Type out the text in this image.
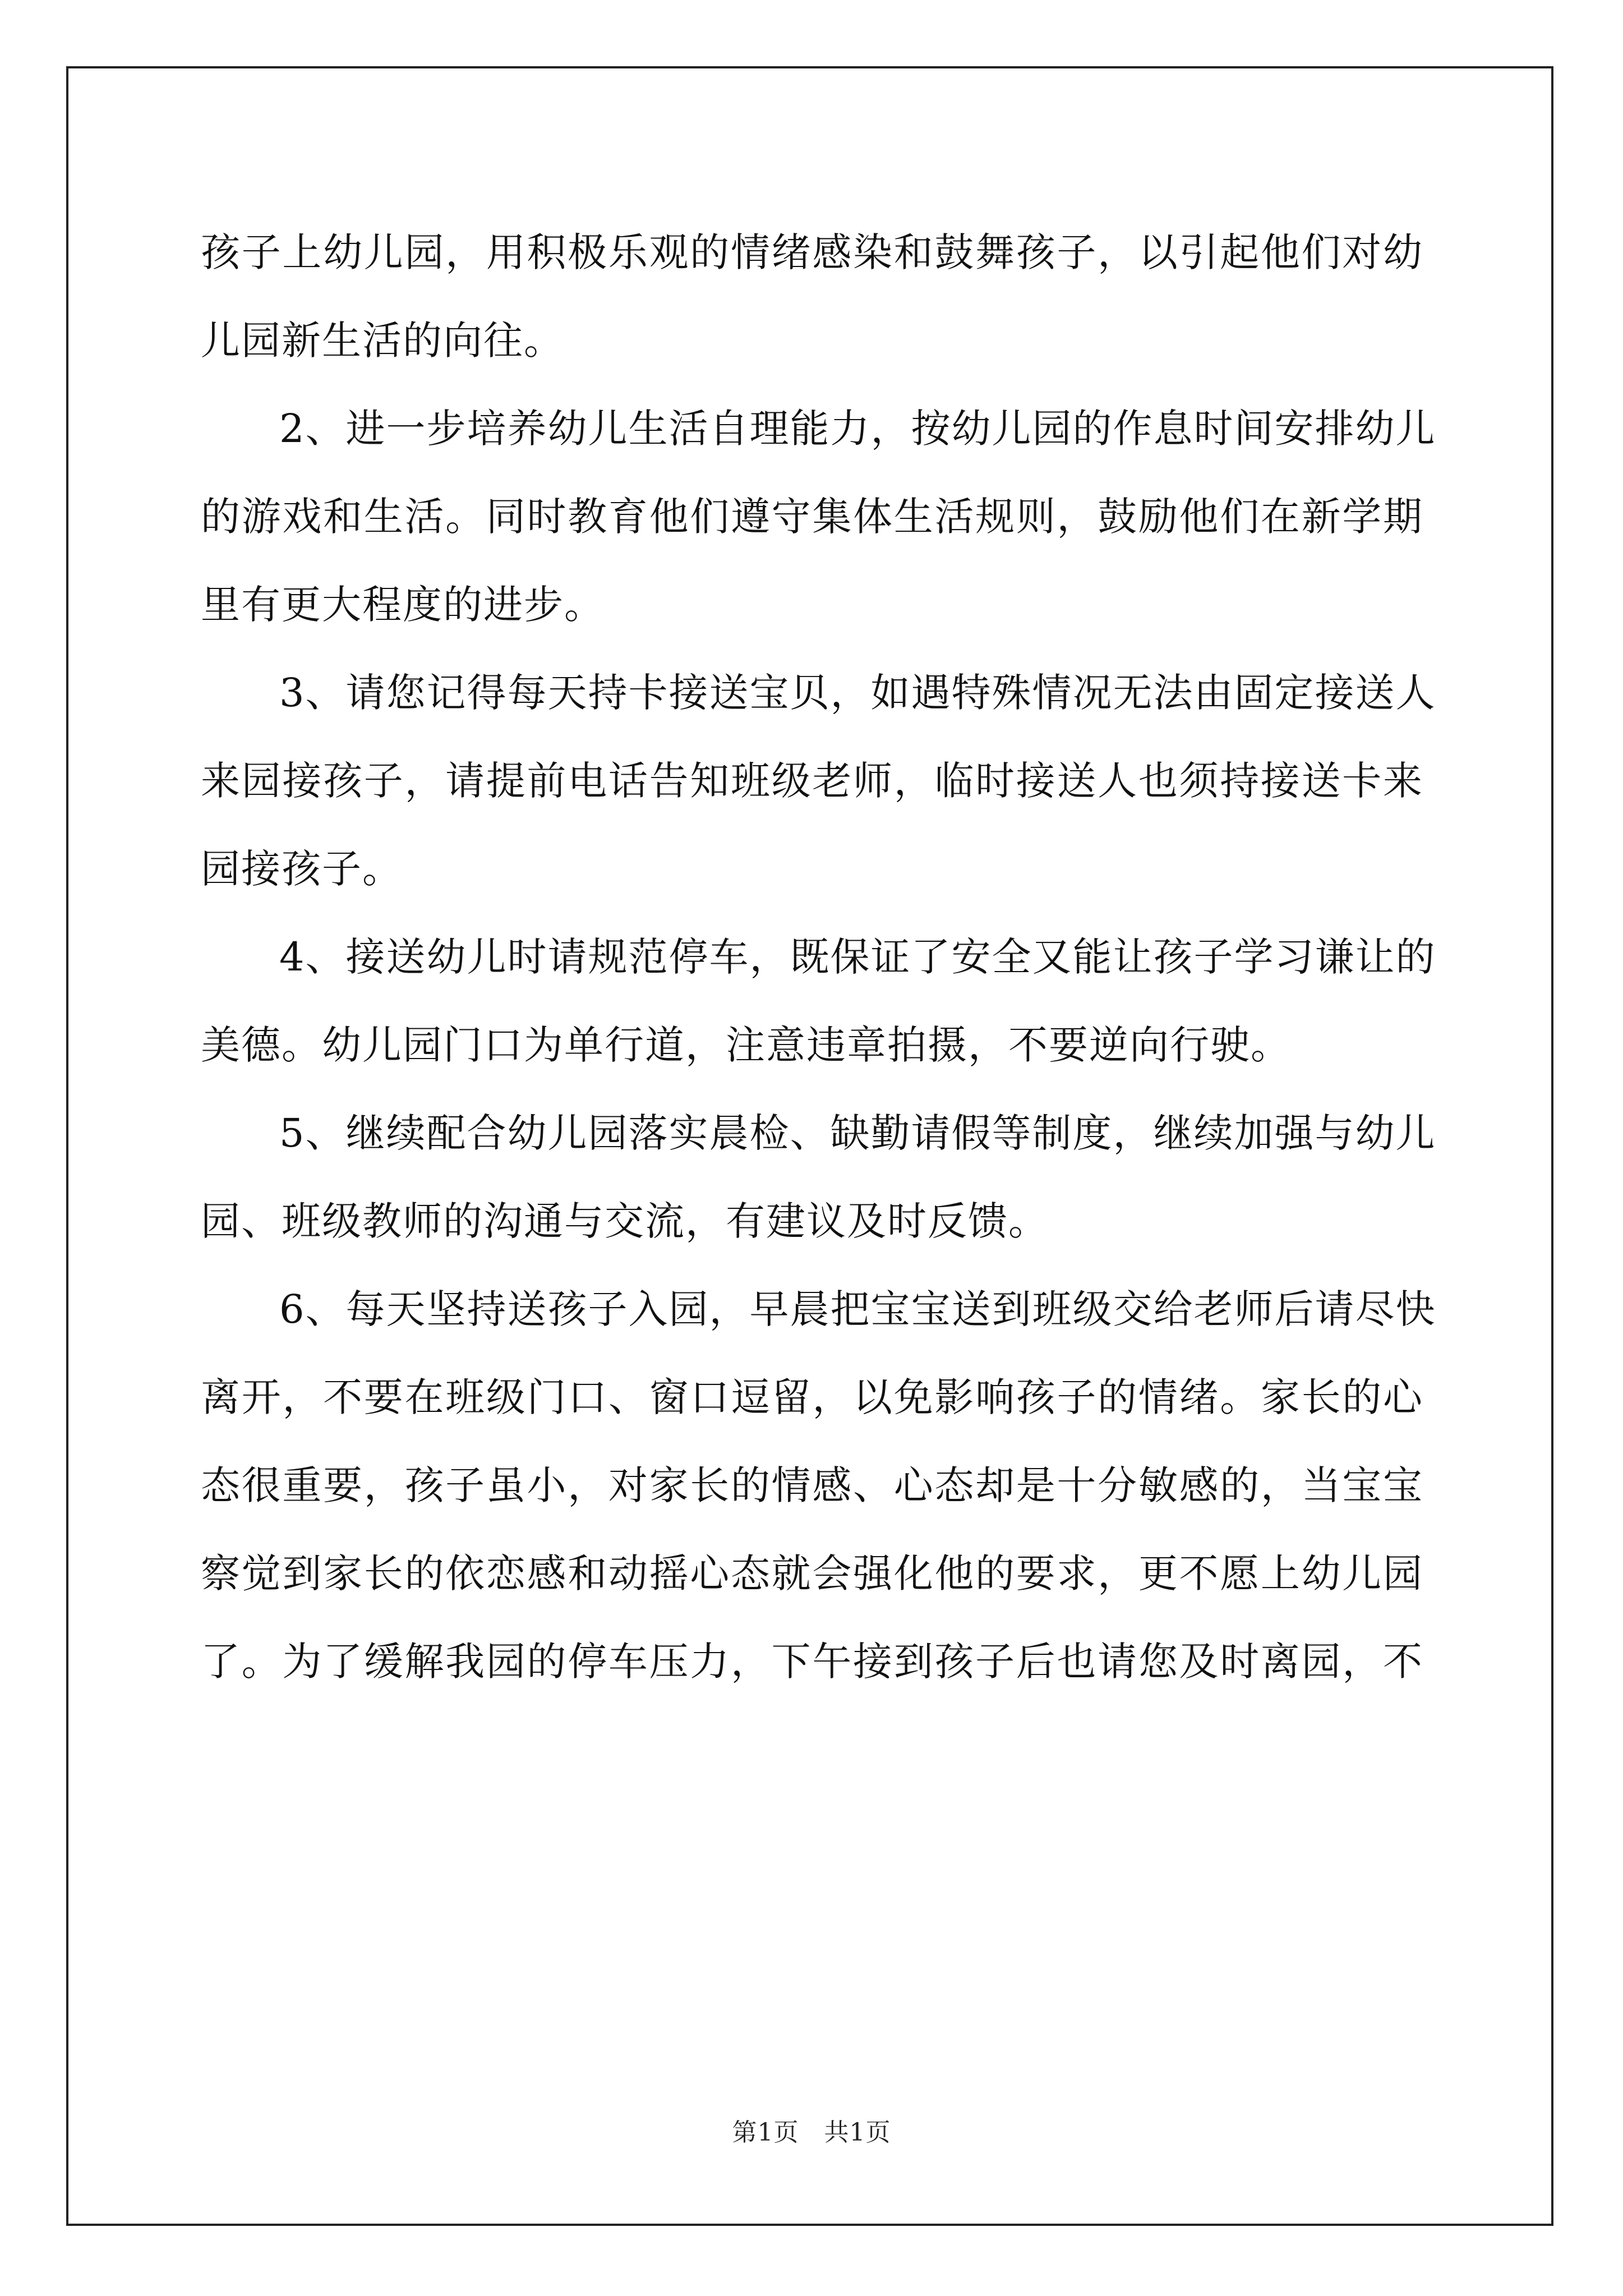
孩子上幼儿园，用积极乐观的情绪感染和鼓舞孩子，以引起他们对幼
儿园新生活的向往。
2、进一步培养幼儿生活自理能力，按幼儿园的作息时间安排幼儿
的游戏和生活。同时教育他们遵守集体生活规则，鼓励他们在新学期
里有更大程度的进步。
3、请您记得每天持卡接送宝贝，如遇特殊情况无法由固定接送人
来园接孩子，请提前电话告知班级老师，临时接送人也须持接送卡来
园接孩子。
4、接送幼儿时请规范停车，既保证了安全又能让孩子学习谦让的
美德。幼儿园门口为单行道，注意违章拍摄，不要逆向行驶。
5、继续配合幼儿园落实晨检、缺勤请假等制度，继续加强与幼儿
园、班级教师的沟通与交流，有建议及时反馈。
6、每天坚持送孩子入园，早晨把宝宝送到班级交给老师后请尽快
离开，不要在班级门口、窗口逗留，以免影响孩子的情绪。家长的心
态很重要，孩子虽小，对家长的情感、心态却是十分敏感的，当宝宝
察觉到家长的依恋感和动摇心态就会强化他的要求，更不愿上幼儿园
了。为了缓解我园的停车压力，下午接到孩子后也请您及时离园，不
第1页　共1页
